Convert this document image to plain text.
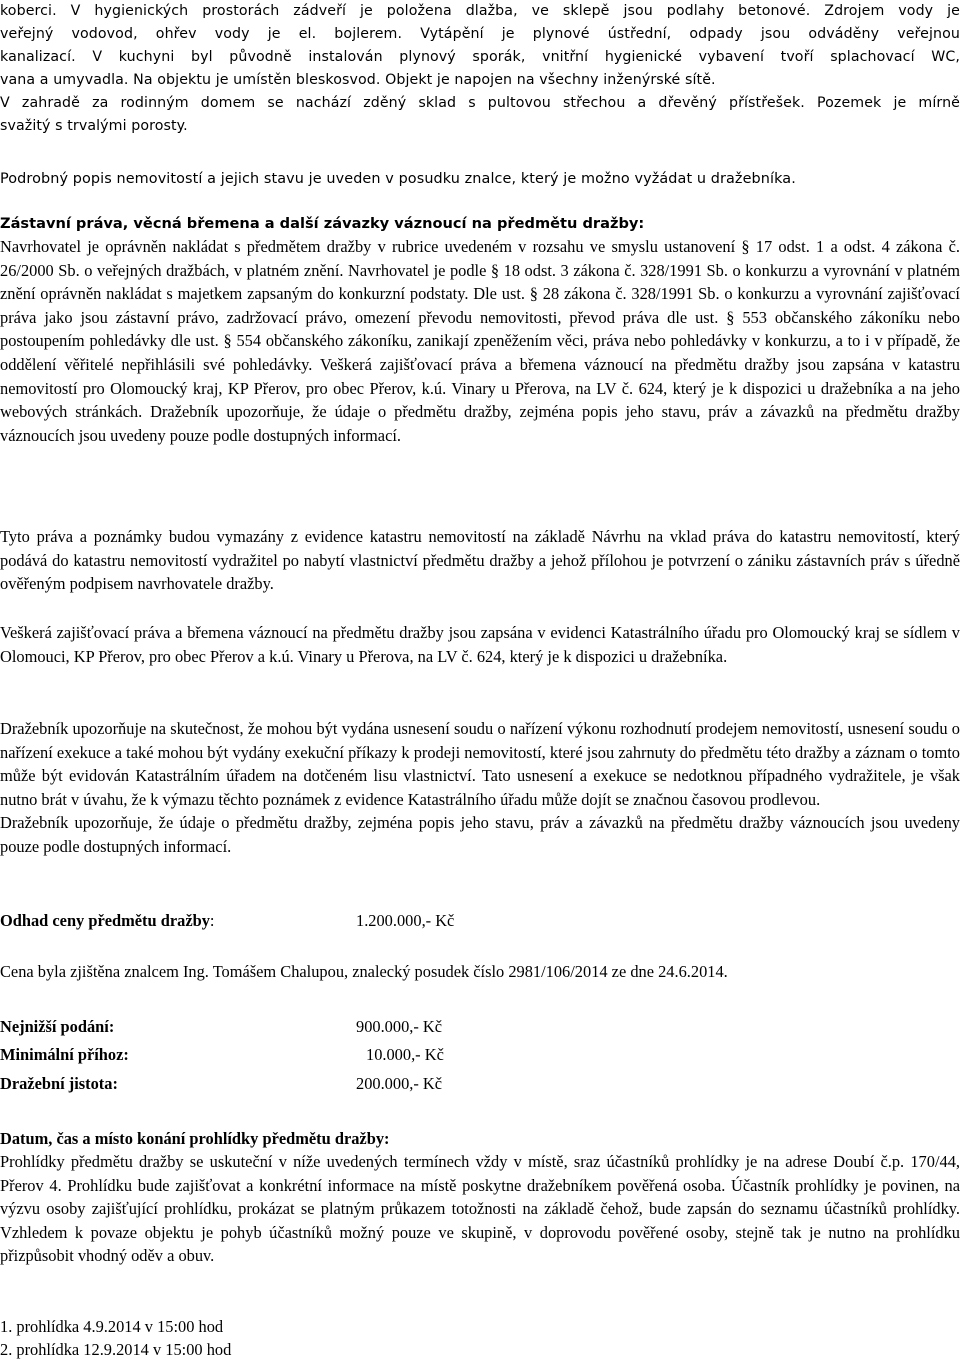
koberci. V hygienických prostorách zádveří je položena dlažba, ve sklepě jsou podlahy betonové. Zdrojem vody je
veřejný vodovod, ohřev vody je el. bojlerem. Vytápění je plynové ústřední, odpady jsou odváděny veřejnou
kanalizací. V kuchyni byl původně instalován plynový sporák, vnitřní hygienické vybavení tvoří splachovací WC,
vana a umyvadla. Na objektu je umístěn bleskosvod. Objekt je napojen na všechny inženýrské sítě.
V zahradě za rodinným domem se nachází zděný sklad s pultovou střechou a dřevěný přístřešek. Pozemek je mírně
svažitý s trvalými porosty.
Podrobný popis nemovitostí a jejich stavu je uveden v posudku znalce, který je možno vyžádat u dražebníka.
Zástavní práva, věcná břemena a další závazky váznoucí na předmětu dražby:
Navrhovatel je oprávněn nakládat s předmětem dražby v rubrice uvedeném v rozsahu ve smyslu ustanovení § 17 odst. 1 a odst. 4 zákona č. 26/2000 Sb. o veřejných dražbách, v platném znění. Navrhovatel je podle § 18 odst. 3 zákona č. 328/1991 Sb. o konkurzu a vyrovnání v platném znění oprávněn nakládat s majetkem zapsaným do konkurzní podstaty. Dle ust. § 28 zákona č. 328/1991 Sb. o konkurzu a vyrovnání zajišťovací práva jako jsou zástavní právo, zadržovací právo, omezení převodu nemovitosti, převod práva dle ust. § 553 občanského zákoníku nebo postoupením pohledávky dle ust. § 554 občanského zákoníku, zanikají zpeněžením věci, práva nebo pohledávky v konkurzu, a to i v případě, že oddělení věřitelé nepřihlásili své pohledávky. Veškerá zajišťovací práva a břemena váznoucí na předmětu dražby jsou zapsána v katastru nemovitostí pro Olomoucký kraj, KP Přerov, pro obec Přerov, k.ú. Vinary u Přerova, na LV č. 624, který je k dispozici u dražebníka a na jeho webových stránkách. Dražebník upozorňuje, že údaje o předmětu dražby, zejména popis jeho stavu, práv a závazků na předmětu dražby váznoucích jsou uvedeny pouze podle dostupných informací.
Tyto práva a poznámky budou vymazány z evidence katastru nemovitostí na základě Návrhu na vklad práva do katastru nemovitostí, který podává do katastru nemovitostí vydražitel po nabytí vlastnictví předmětu dražby a jehož přílohou je potvrzení o zániku zástavních práv s úředně ověřeným podpisem navrhovatele dražby.
Veškerá zajišťovací práva a břemena váznoucí na předmětu dražby jsou zapsána v evidenci Katastrálního úřadu pro Olomoucký kraj se sídlem v Olomouci, KP Přerov, pro obec Přerov a k.ú. Vinary u Přerova, na LV č. 624, který je k dispozici u dražebníka.
Dražebník upozorňuje na skutečnost, že mohou být vydána usnesení soudu o nařízení výkonu rozhodnutí prodejem nemovitostí, usnesení soudu o nařízení exekuce a také mohou být vydány exekuční příkazy k prodeji nemovitostí, které jsou zahrnuty do předmětu této dražby a záznam o tomto může být evidován Katastrálním úřadem na dotčeném lisu vlastnictví. Tato usnesení a exekuce se nedotknou případného vydražitele, je však nutno brát v úvahu, že k výmazu těchto poznámek z evidence Katastrálního úřadu může dojít se značnou časovou prodlevou.
Dražebník upozorňuje, že údaje o předmětu dražby, zejména popis jeho stavu, práv a závazků na předmětu dražby váznoucích jsou uvedeny pouze podle dostupných informací.
Odhad ceny předmětu dražby:	1.200.000,- Kč
Cena byla zjištěna znalcem Ing. Tomášem Chalupou, znalecký posudek číslo 2981/106/2014 ze dne 24.6.2014.
Nejnižší podání:	900.000,- Kč
Minimální příhoz:	10.000,- Kč
Dražební jistota:	200.000,- Kč
Datum, čas a místo konání prohlídky předmětu dražby:
Prohlídky předmětu dražby se uskuteční v níže uvedených termínech vždy v místě, sraz účastníků prohlídky je na adrese Doubí č.p. 170/44, Přerov 4. Prohlídku bude zajišťovat a konkrétní informace na místě poskytne dražebníkem pověřená osoba. Účastník prohlídky je povinen, na výzvu osoby zajišťující prohlídku, prokázat se platným průkazem totožnosti na základě čehož, bude zapsán do seznamu účastníků prohlídky. Vzhledem k povaze objektu je pohyb účastníků možný pouze ve skupině, v doprovodu pověřené osoby, stejně tak je nutno na prohlídku přizpůsobit vhodný oděv a obuv.
1. prohlídka 4.9.2014 v 15:00 hod
2. prohlídka 12.9.2014 v 15:00 hod
